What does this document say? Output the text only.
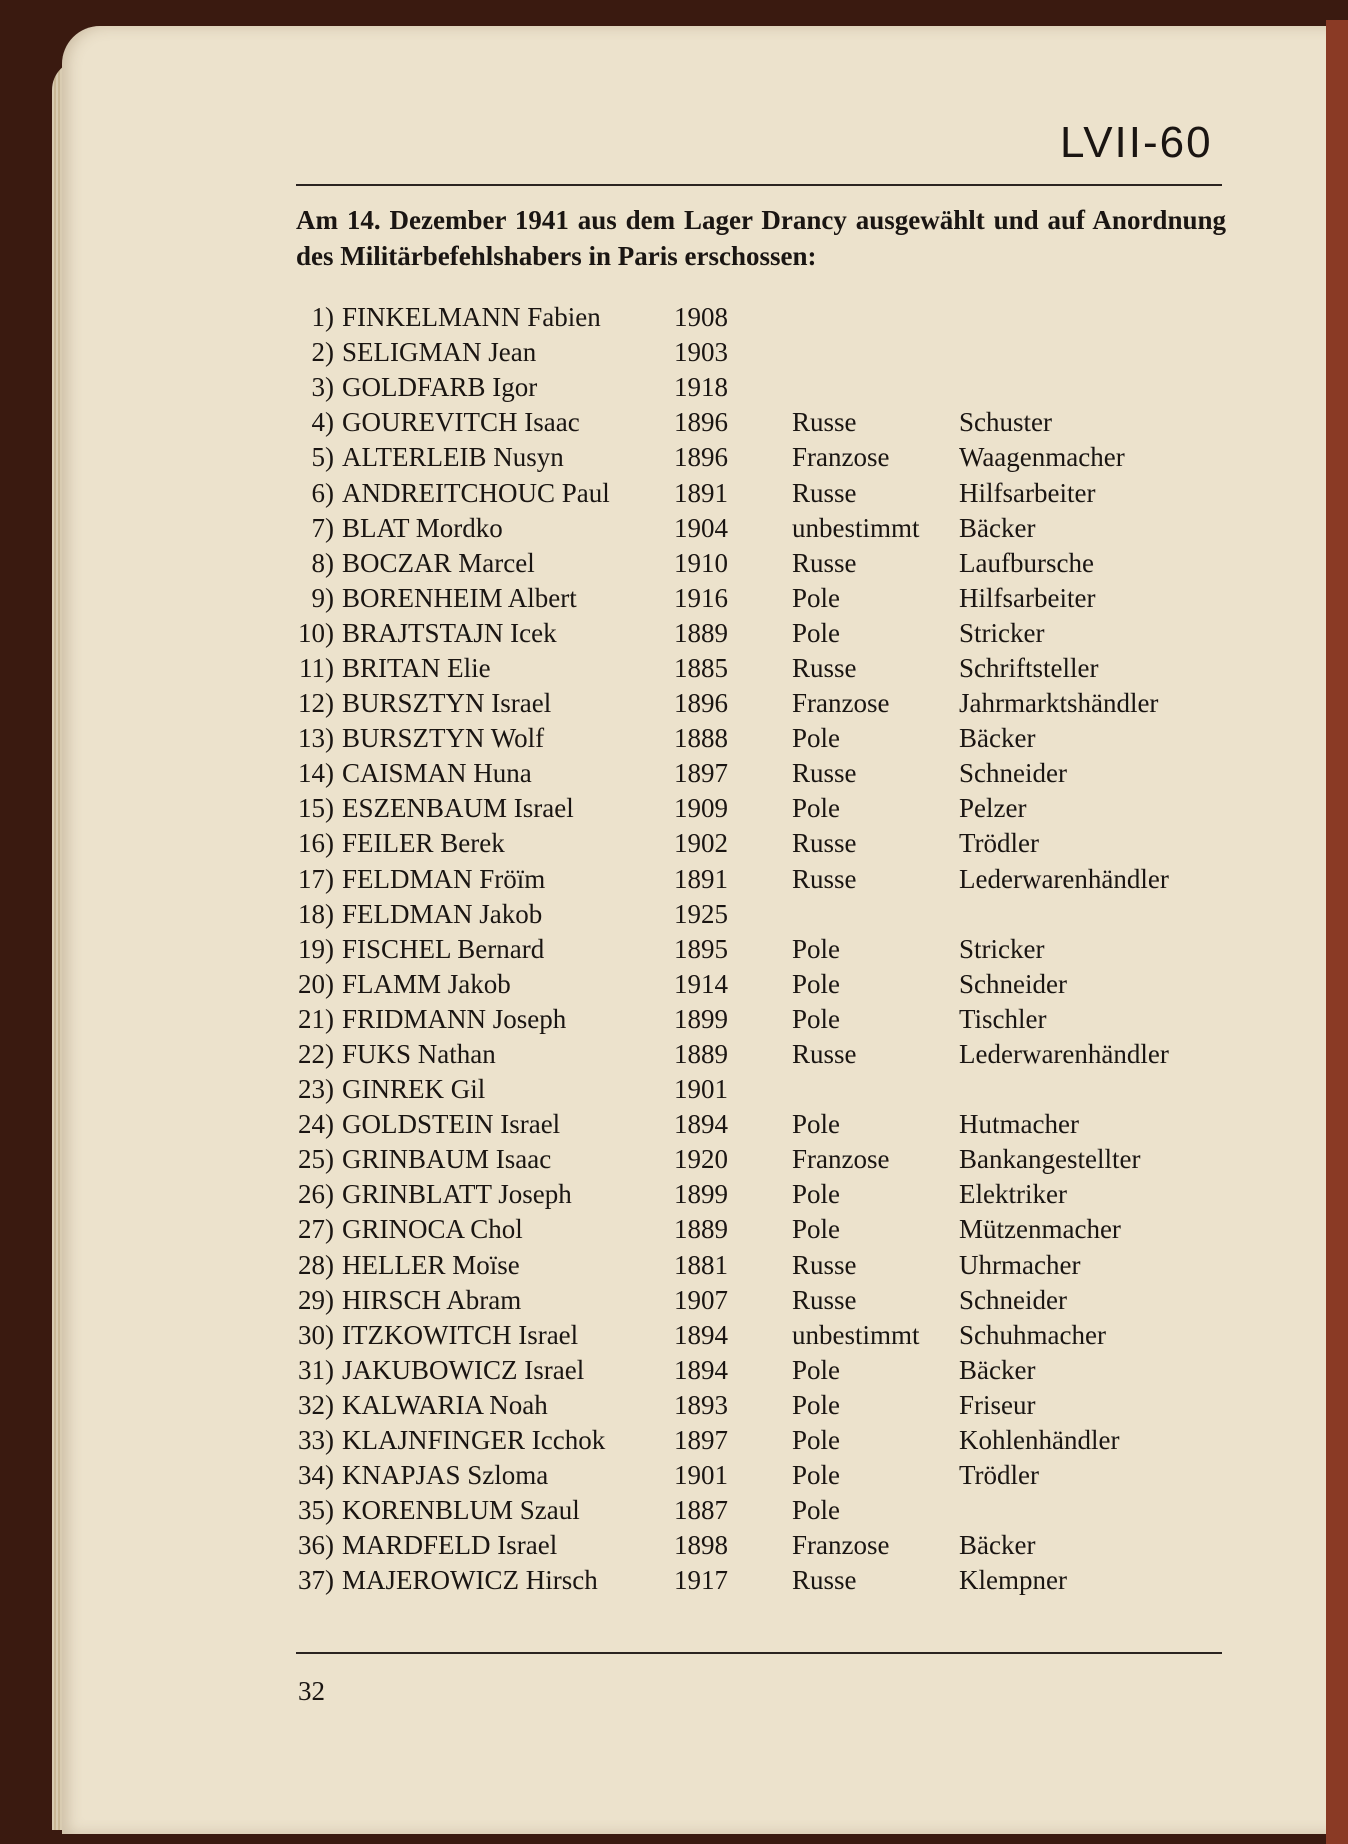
LVII-60
Am 14. Dezember 1941 aus dem Lager Drancy ausgewählt und auf Anordnung des Militärbefehlshabers in Paris erschossen:
1) FINKELMANN Fabien	1908
2) SELIGMAN Jean	1903
3) GOLDFARB Igor	1918
4) GOUREVITCH Isaac	1896	Russe	Schuster
5) ALTERLEIB Nusyn	1896	Franzose	Waagenmacher
6) ANDREITCHOUC Paul	1891	Russe	Hilfsarbeiter
7) BLAT Mordko	1904	unbestimmt	Bäcker
8) BOCZAR Marcel	1910	Russe	Laufbursche
9) BORENHEIM Albert	1916	Pole	Hilfsarbeiter
10) BRAJTSTAJN Icek	1889	Pole	Stricker
11) BRITAN Elie	1885	Russe	Schriftsteller
12) BURSZTYN Israel	1896	Franzose	Jahrmarktshändler
13) BURSZTYN Wolf	1888	Pole	Bäcker
14) CAISMAN Huna	1897	Russe	Schneider
15) ESZENBAUM Israel	1909	Pole	Pelzer
16) FEILER Berek	1902	Russe	Trödler
17) FELDMAN Fröïm	1891	Russe	Lederwarenhändler
18) FELDMAN Jakob	1925
19) FISCHEL Bernard	1895	Pole	Stricker
20) FLAMM Jakob	1914	Pole	Schneider
21) FRIDMANN Joseph	1899	Pole	Tischler
22) FUKS Nathan	1889	Russe	Lederwarenhändler
23) GINREK Gil	1901
24) GOLDSTEIN Israel	1894	Pole	Hutmacher
25) GRINBAUM Isaac	1920	Franzose	Bankangestellter
26) GRINBLATT Joseph	1899	Pole	Elektriker
27) GRINOCA Chol	1889	Pole	Mützenmacher
28) HELLER Moïse	1881	Russe	Uhrmacher
29) HIRSCH Abram	1907	Russe	Schneider
30) ITZKOWITCH Israel	1894	unbestimmt	Schuhmacher
31) JAKUBOWICZ Israel	1894	Pole	Bäcker
32) KALWARIA Noah	1893	Pole	Friseur
33) KLAJNFINGER Icchok	1897	Pole	Kohlenhändler
34) KNAPJAS Szloma	1901	Pole	Trödler
35) KORENBLUM Szaul	1887	Pole
36) MARDFELD Israel	1898	Franzose	Bäcker
37) MAJEROWICZ Hirsch	1917	Russe	Klempner
32
